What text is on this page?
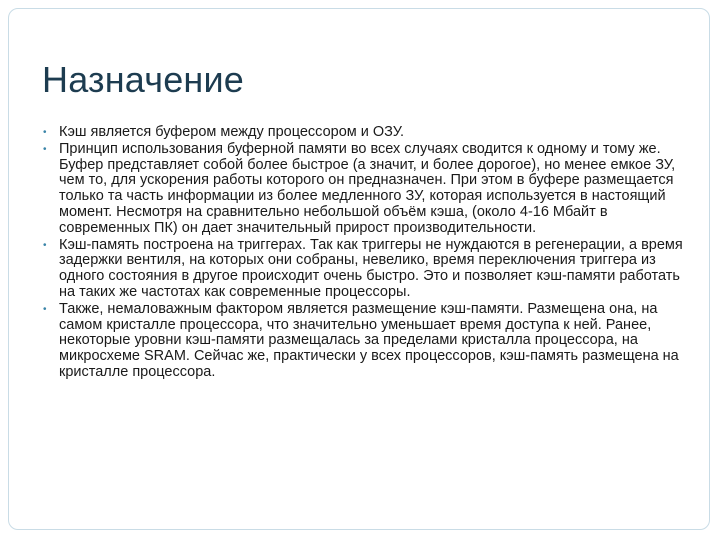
Назначение
• Кэш является буфером между процессором и ОЗУ.
• Принцип использования буферной памяти во всех случаях сводится к одному и тому же. Буфер представляет собой более быстрое (а значит, и более дорогое), но менее емкое ЗУ, чем то, для ускорения работы которого он предназначен. При этом в буфере размещается только та часть информации из более медленного ЗУ, которая используется в настоящий момент. Несмотря на сравнительно небольшой объём кэша, (около 4-16 Мбайт в современных ПК) он дает значительный прирост производительности.
• Кэш-память построена на триггерах. Так как триггеры не нуждаются в регенерации, а время задержки вентиля, на которых они собраны, невелико, время переключения триггера из одного состояния в другое происходит очень быстро. Это и позволяет кэш-памяти работать на таких же частотах как современные процессоры.
• Также, немаловажным фактором является размещение кэш-памяти. Размещена она, на самом кристалле процессора, что значительно уменьшает время доступа к ней. Ранее, некоторые уровни кэш-памяти размещалась за пределами кристалла процессора, на микросхеме SRAM. Сейчас же, практически у всех процессоров, кэш-память размещена на кристалле процессора.
